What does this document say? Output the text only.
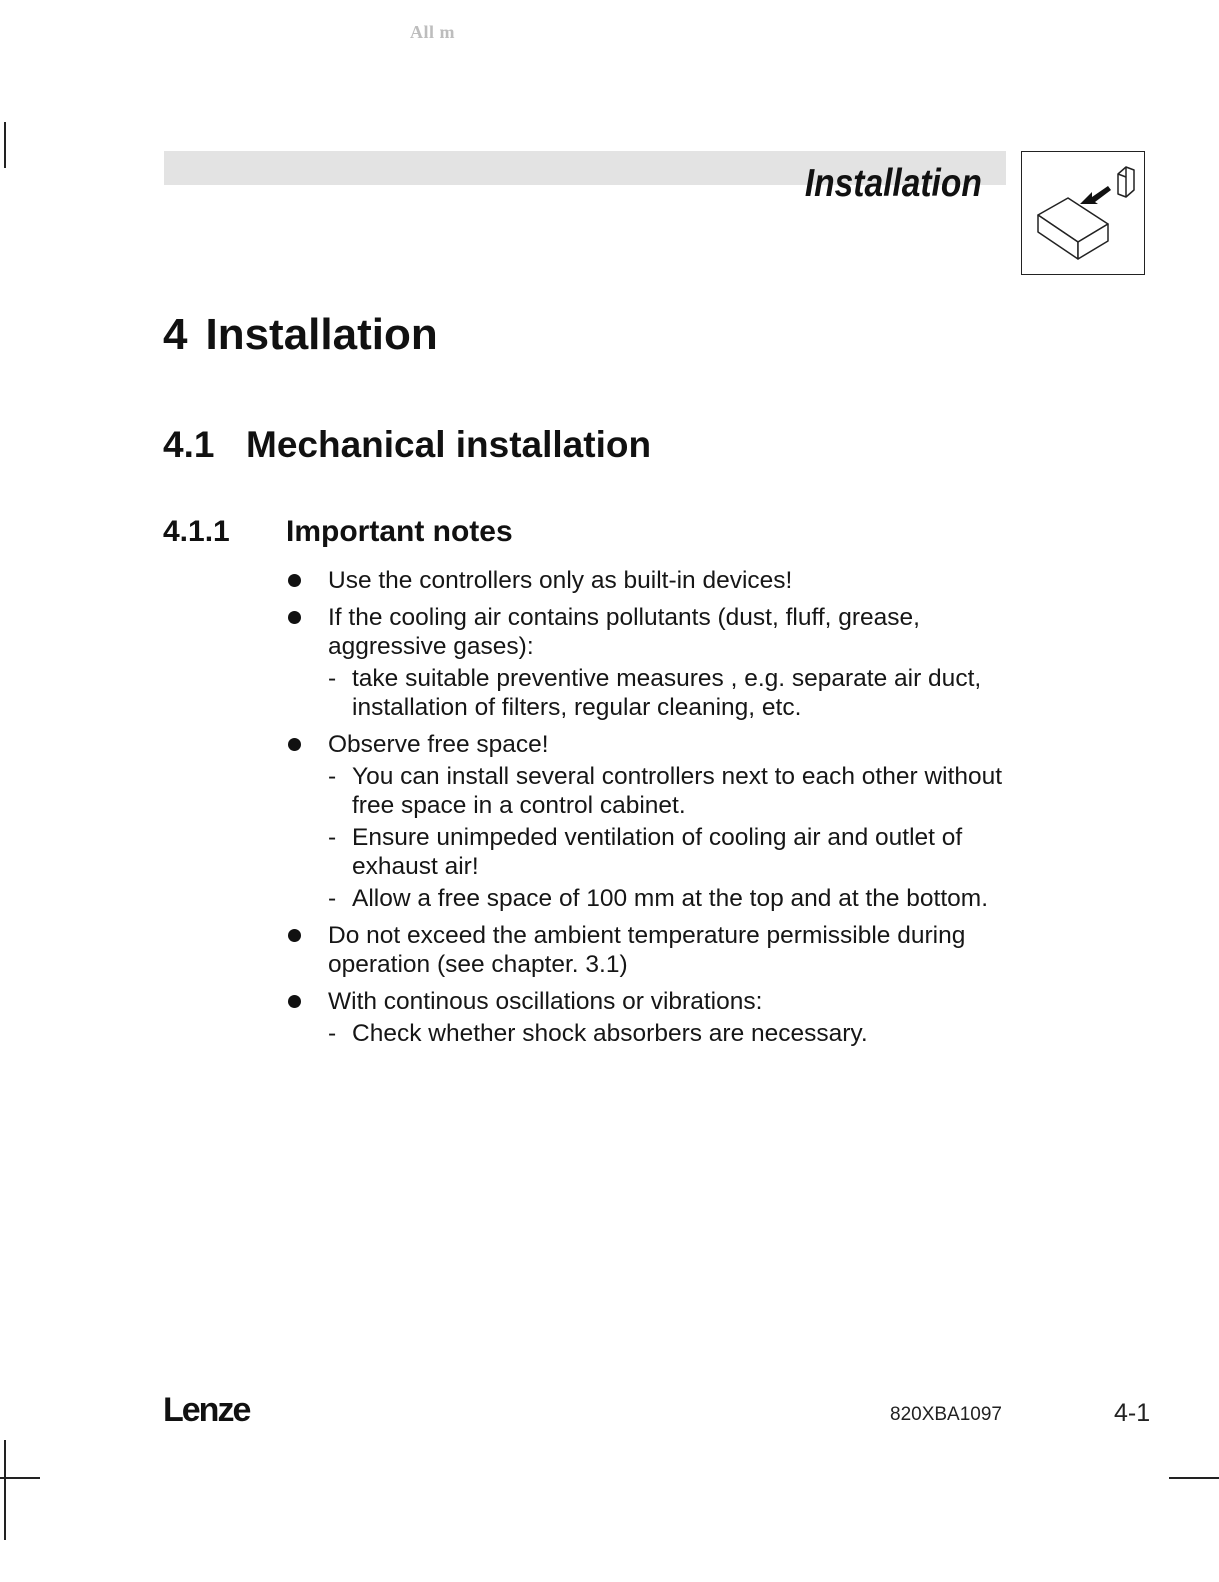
All m
Installation
4 Installation
4.1 Mechanical installation
4.1.1 Important notes
Use the controllers only as built-in devices!
If the cooling air contains pollutants (dust, fluff, grease, aggressive gases):
- take suitable preventive measures , e.g. separate air duct, installation of filters, regular cleaning, etc.
Observe free space!
- You can install several controllers next to each other without free space in a control cabinet.
- Ensure unimpeded ventilation of cooling air and outlet of exhaust air!
- Allow a free space of 100 mm at the top and at the bottom.
Do not exceed the ambient temperature permissible during operation (see chapter. 3.1)
With continous oscillations or vibrations:
- Check whether shock absorbers are necessary.
Lenze	820XBA1097	4-1
